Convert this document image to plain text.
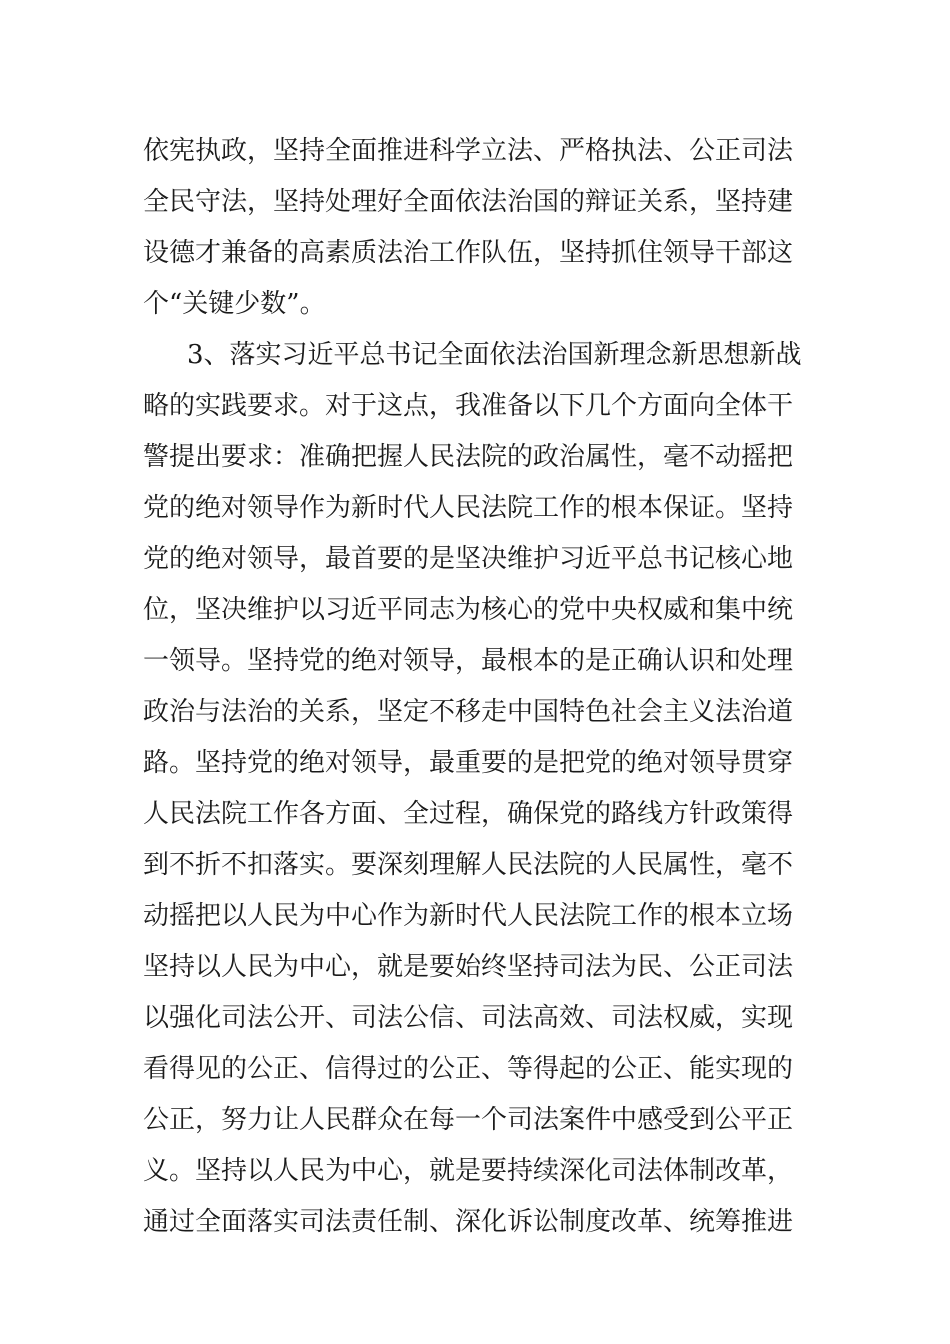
依宪执政，坚持全面推进科学立法、严格执法、公正司法
全民守法，坚持处理好全面依法治国的辩证关系，坚持建
设德才兼备的高素质法治工作队伍，坚持抓住领导干部这
个“关键少数”。
3、落实习近平总书记全面依法治国新理念新思想新战
略的实践要求。对于这点，我准备以下几个方面向全体干
警提出要求：准确把握人民法院的政治属性，毫不动摇把
党的绝对领导作为新时代人民法院工作的根本保证。坚持
党的绝对领导，最首要的是坚决维护习近平总书记核心地
位，坚决维护以习近平同志为核心的党中央权威和集中统
一领导。坚持党的绝对领导，最根本的是正确认识和处理
政治与法治的关系，坚定不移走中国特色社会主义法治道
路。坚持党的绝对领导，最重要的是把党的绝对领导贯穿
人民法院工作各方面、全过程，确保党的路线方针政策得
到不折不扣落实。要深刻理解人民法院的人民属性，毫不
动摇把以人民为中心作为新时代人民法院工作的根本立场
坚持以人民为中心，就是要始终坚持司法为民、公正司法
以强化司法公开、司法公信、司法高效、司法权威，实现
看得见的公正、信得过的公正、等得起的公正、能实现的
公正，努力让人民群众在每一个司法案件中感受到公平正
义。坚持以人民为中心，就是要持续深化司法体制改革，
通过全面落实司法责任制、深化诉讼制度改革、统筹推进
